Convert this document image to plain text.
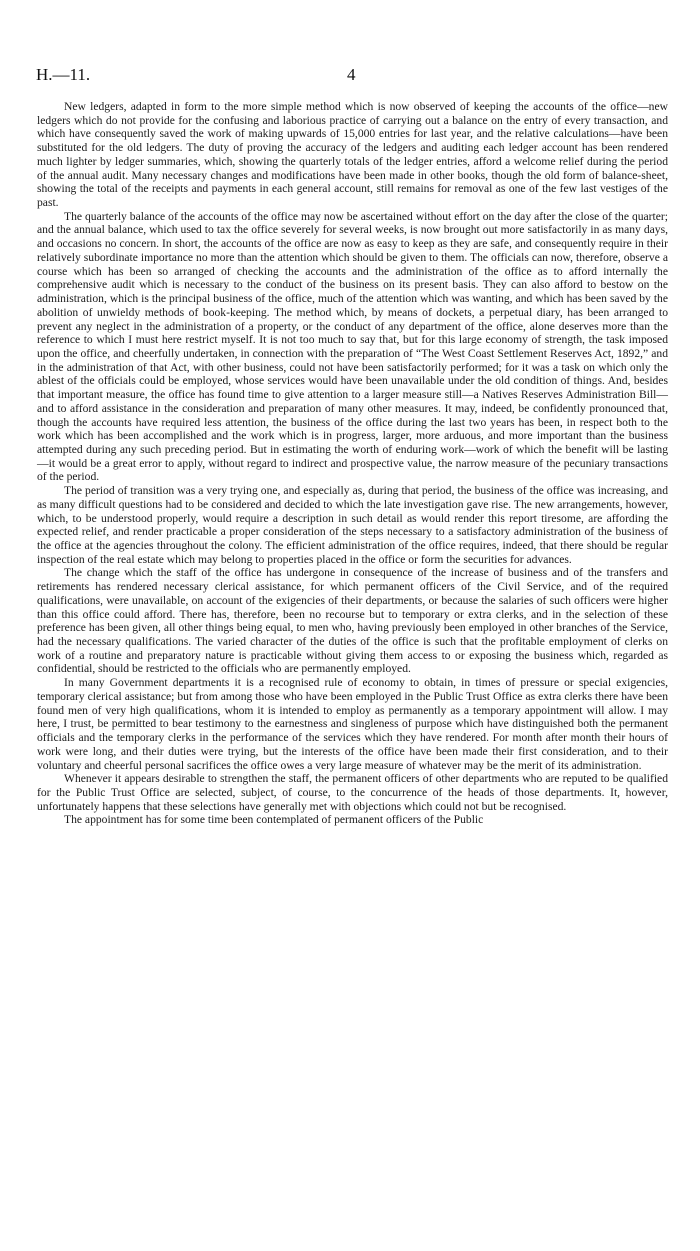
H.—11.	4

New ledgers, adapted in form to the more simple method which is now observed of keeping the accounts of the office—new ledgers which do not provide for the confusing and laborious practice of carrying out a balance on the entry of every transaction, and which have consequently saved the work of making upwards of 15,000 entries for last year, and the relative calculations—have been substituted for the old ledgers. The duty of proving the accuracy of the ledgers and auditing each ledger account has been rendered much lighter by ledger summaries, which, showing the quarterly totals of the ledger entries, afford a welcome relief during the period of the annual audit. Many necessary changes and modifications have been made in other books, though the old form of balance-sheet, showing the total of the receipts and payments in each general account, still remains for removal as one of the few last vestiges of the past.

The quarterly balance of the accounts of the office may now be ascertained without effort on the day after the close of the quarter; and the annual balance, which used to tax the office severely for several weeks, is now brought out more satisfactorily in as many days, and occasions no concern. In short, the accounts of the office are now as easy to keep as they are safe, and consequently require in their relatively subordinate importance no more than the attention which should be given to them. The officials can now, therefore, observe a course which has been so arranged of checking the accounts and the administration of the office as to afford internally the comprehensive audit which is necessary to the conduct of the business on its present basis. They can also afford to bestow on the administration, which is the principal business of the office, much of the attention which was wanting, and which has been saved by the abolition of unwieldy methods of book-keeping. The method which, by means of dockets, a perpetual diary, has been arranged to prevent any neglect in the administration of a property, or the conduct of any department of the office, alone deserves more than the reference to which I must here restrict myself. It is not too much to say that, but for this large economy of strength, the task imposed upon the office, and cheerfully undertaken, in connection with the preparation of “The West Coast Settlement Reserves Act, 1892,” and in the administration of that Act, with other business, could not have been satisfactorily performed; for it was a task on which only the ablest of the officials could be employed, whose services would have been unavailable under the old condition of things. And, besides that important measure, the office has found time to give attention to a larger measure still—a Natives Reserves Administration Bill—and to afford assistance in the consideration and preparation of many other measures. It may, indeed, be confidently pronounced that, though the accounts have required less attention, the business of the office during the last two years has been, in respect both to the work which has been accomplished and the work which is in progress, larger, more arduous, and more important than the business attempted during any such preceding period. But in estimating the worth of enduring work—work of which the benefit will be lasting—it would be a great error to apply, without regard to indirect and prospective value, the narrow measure of the pecuniary transactions of the period.

The period of transition was a very trying one, and especially as, during that period, the business of the office was increasing, and as many difficult questions had to be considered and decided to which the late investigation gave rise. The new arrangements, however, which, to be understood properly, would require a description in such detail as would render this report tiresome, are affording the expected relief, and render practicable a proper consideration of the steps necessary to a satisfactory administration of the business of the office at the agencies throughout the colony. The efficient administration of the office requires, indeed, that there should be regular inspection of the real estate which may belong to properties placed in the office or form the securities for advances.

The change which the staff of the office has undergone in consequence of the increase of business and of the transfers and retirements has rendered necessary clerical assistance, for which permanent officers of the Civil Service, and of the required qualifications, were unavailable, on account of the exigencies of their departments, or because the salaries of such officers were higher than this office could afford. There has, therefore, been no recourse but to temporary or extra clerks, and in the selection of these preference has been given, all other things being equal, to men who, having previously been employed in other branches of the Service, had the necessary qualifications. The varied character of the duties of the office is such that the profitable employment of clerks on work of a routine and preparatory nature is practicable without giving them access to or exposing the business which, regarded as confidential, should be restricted to the officials who are permanently employed.

In many Government departments it is a recognised rule of economy to obtain, in times of pressure or special exigencies, temporary clerical assistance; but from among those who have been employed in the Public Trust Office as extra clerks there have been found men of very high qualifications, whom it is intended to employ as permanently as a temporary appointment will allow. I may here, I trust, be permitted to bear testimony to the earnestness and singleness of purpose which have distinguished both the permanent officials and the temporary clerks in the performance of the services which they have rendered. For month after month their hours of work were long, and their duties were trying, but the interests of the office have been made their first consideration, and to their voluntary and cheerful personal sacrifices the office owes a very large measure of whatever may be the merit of its administration.

Whenever it appears desirable to strengthen the staff, the permanent officers of other departments who are reputed to be qualified for the Public Trust Office are selected, subject, of course, to the concurrence of the heads of those departments. It, however, unfortunately happens that these selections have generally met with objections which could not but be recognised.

The appointment has for some time been contemplated of permanent officers of the Public
